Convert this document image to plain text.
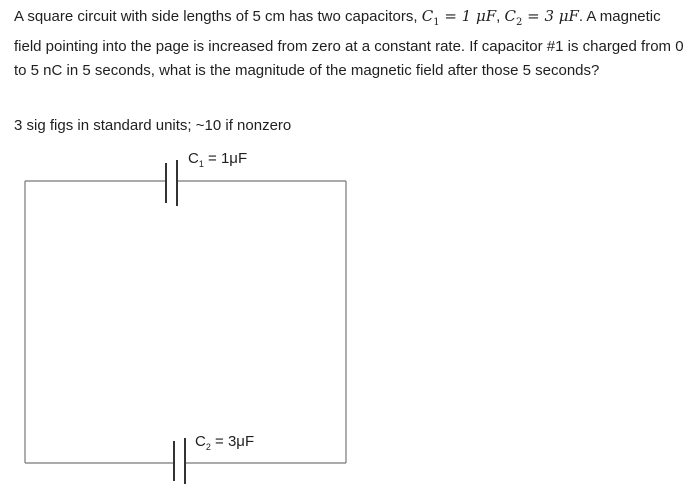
A square circuit with side lengths of 5 cm has two capacitors, $C_1 = 1$ μF, $C_2 = 3$ μF. A magnetic field pointing into the page is increased from zero at a constant rate. If capacitor #1 is charged from 0 to 5 nC in 5 seconds, what is the magnitude of the magnetic field after those 5 seconds?

3 sig figs in standard units; ~10 if nonzero
$C_1 = 1\mu F$
$C_2 = 3\mu F$
